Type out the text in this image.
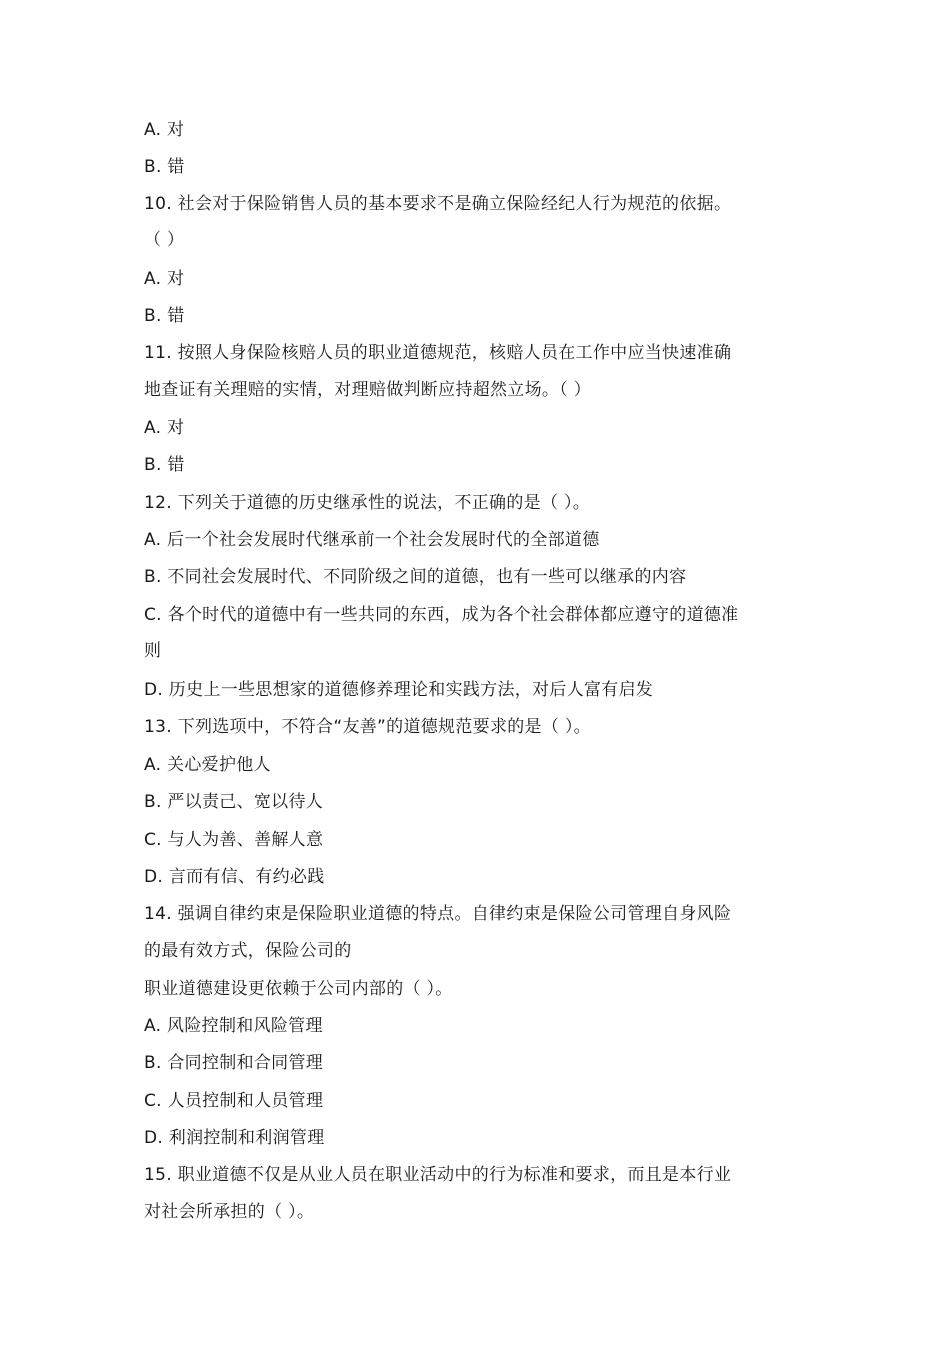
A. 对
B. 错
10. 社会对于保险销售人员的基本要求不是确立保险经纪人行为规范的依据。
（ ）
A. 对
B. 错
11. 按照人身保险核赔人员的职业道德规范，核赔人员在工作中应当快速准确
地查证有关理赔的实情，对理赔做判断应持超然立场。（ ）
A. 对
B. 错
12. 下列关于道德的历史继承性的说法，不正确的是（ ）。
A. 后一个社会发展时代继承前一个社会发展时代的全部道德
B. 不同社会发展时代、不同阶级之间的道德，也有一些可以继承的内容
C. 各个时代的道德中有一些共同的东西，成为各个社会群体都应遵守的道德准
则
D. 历史上一些思想家的道德修养理论和实践方法，对后人富有启发
13. 下列选项中，不符合“友善”的道德规范要求的是（ ）。
A. 关心爱护他人
B. 严以责己、宽以待人
C. 与人为善、善解人意
D. 言而有信、有约必践
14. 强调自律约束是保险职业道德的特点。自律约束是保险公司管理自身风险
的最有效方式，保险公司的
职业道德建设更依赖于公司内部的（ ）。
A. 风险控制和风险管理
B. 合同控制和合同管理
C. 人员控制和人员管理
D. 利润控制和利润管理
15. 职业道德不仅是从业人员在职业活动中的行为标准和要求，而且是本行业
对社会所承担的（ ）。
